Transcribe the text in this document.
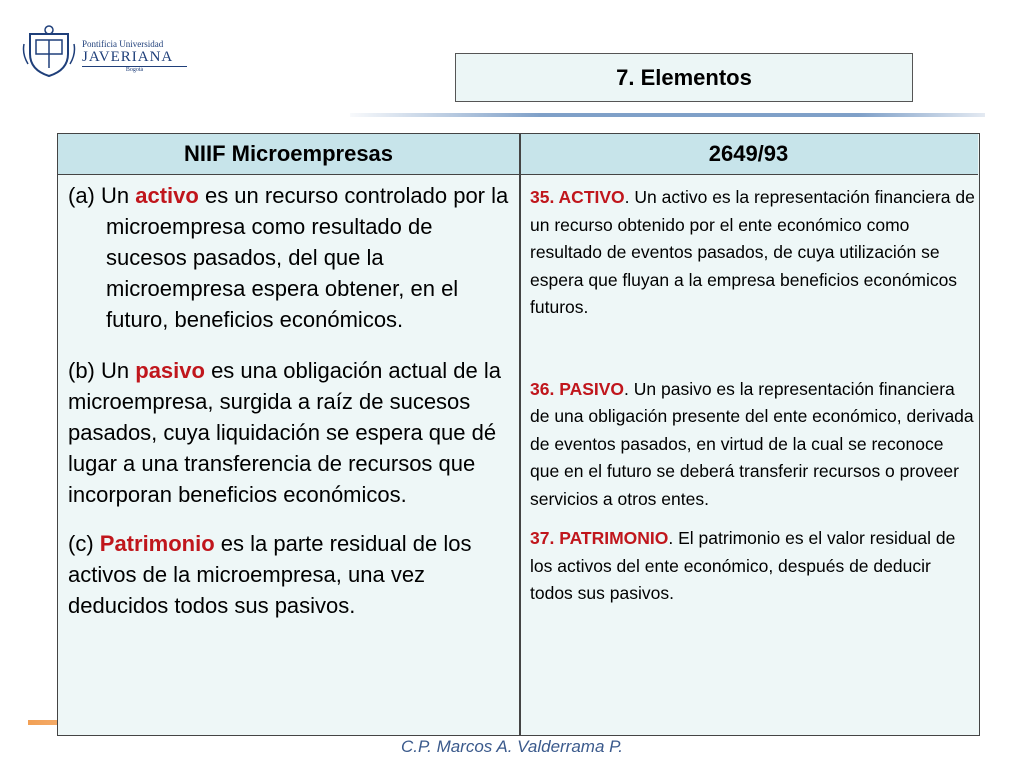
Pontificia Universidad
JAVERIANA
Bogotá	7. Elementos
NIIF Microempresas	2649/93

(a) Un activo es un recurso controlado por la microempresa como resultado de sucesos pasados, del que la microempresa espera obtener, en el futuro, beneficios económicos.

(b) Un pasivo es una obligación actual de la microempresa, surgida a raíz de sucesos pasados, cuya liquidación se espera que dé lugar a una transferencia de recursos que incorporan beneficios económicos.

(c) Patrimonio es la parte residual de los activos de la microempresa, una vez deducidos todos sus pasivos.

35. ACTIVO. Un activo es la representación financiera de un recurso obtenido por el ente económico como resultado de eventos pasados, de cuya utilización se espera que fluyan a la empresa beneficios económicos futuros.

36. PASIVO. Un pasivo es la representación financiera de una obligación presente del ente económico, derivada de eventos pasados, en virtud de la cual se reconoce que en el futuro se deberá transferir recursos o proveer servicios a otros entes.

37. PATRIMONIO. El patrimonio es el valor residual de los activos del ente económico, después de deducir todos sus pasivos.

C.P. Marcos A. Valderrama P.
